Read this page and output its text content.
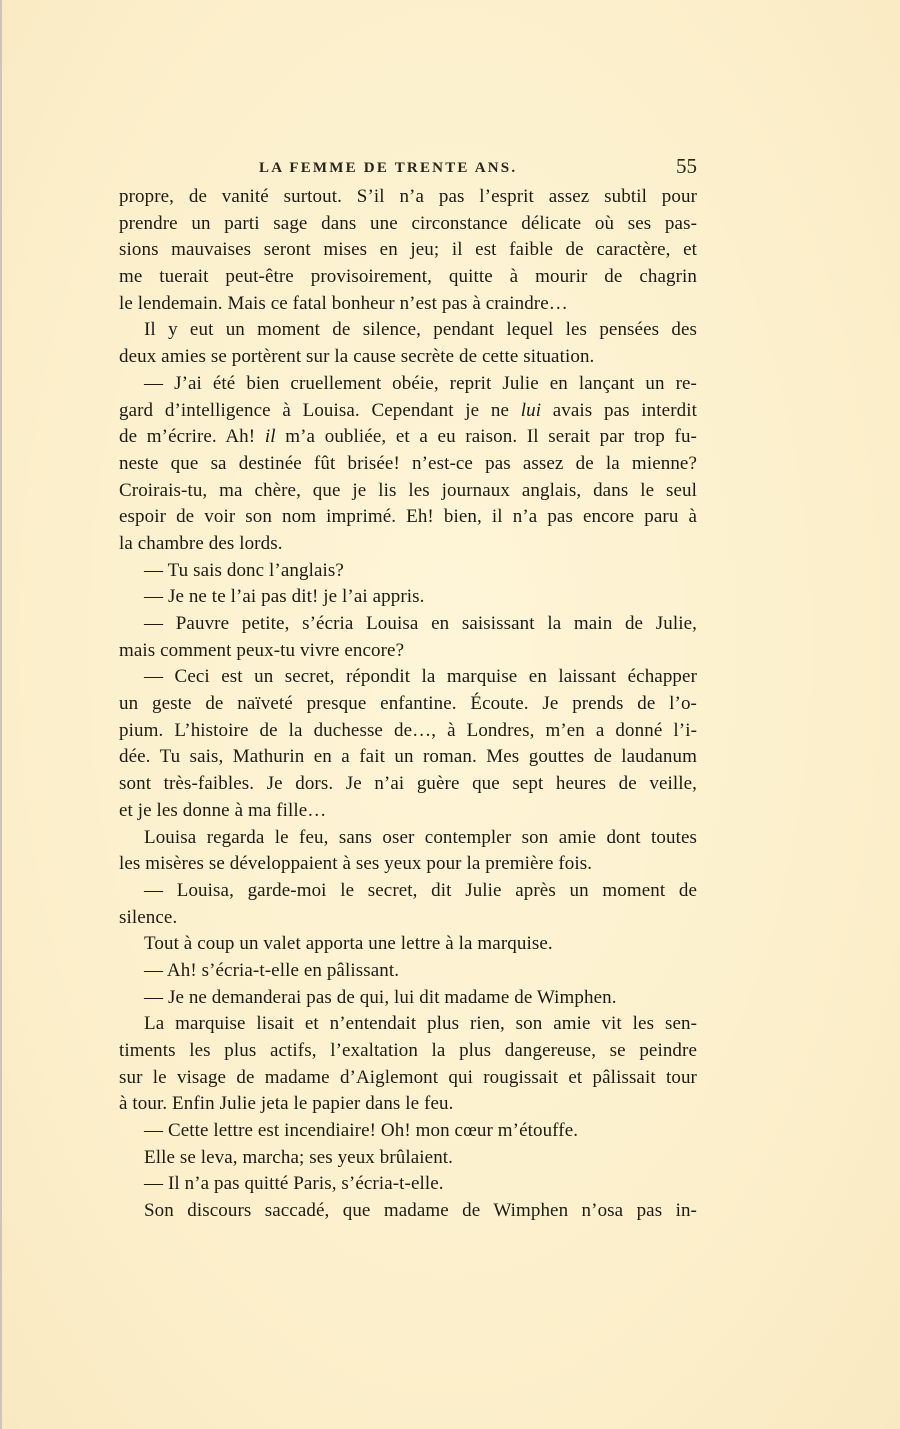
LA FEMME DE TRENTE ANS.	55
propre, de vanité surtout. S’il n’a pas l’esprit assez subtil pour
prendre un parti sage dans une circonstance délicate où ses pas-
sions mauvaises seront mises en jeu; il est faible de caractère, et
me tuerait peut-être provisoirement, quitte à mourir de chagrin
le lendemain. Mais ce fatal bonheur n’est pas à craindre…
Il y eut un moment de silence, pendant lequel les pensées des
deux amies se portèrent sur la cause secrète de cette situation.
— J’ai été bien cruellement obéie, reprit Julie en lançant un re-
gard d’intelligence à Louisa. Cependant je ne lui avais pas interdit
de m’écrire. Ah! il m’a oubliée, et a eu raison. Il serait par trop fu-
neste que sa destinée fût brisée! n’est-ce pas assez de la mienne?
Croirais-tu, ma chère, que je lis les journaux anglais, dans le seul
espoir de voir son nom imprimé. Eh! bien, il n’a pas encore paru à
la chambre des lords.
— Tu sais donc l’anglais?
— Je ne te l’ai pas dit! je l’ai appris.
— Pauvre petite, s’écria Louisa en saisissant la main de Julie,
mais comment peux-tu vivre encore?
— Ceci est un secret, répondit la marquise en laissant échapper
un geste de naïveté presque enfantine. Écoute. Je prends de l’o-
pium. L’histoire de la duchesse de…, à Londres, m’en a donné l’i-
dée. Tu sais, Mathurin en a fait un roman. Mes gouttes de laudanum
sont très-faibles. Je dors. Je n’ai guère que sept heures de veille,
et je les donne à ma fille…
Louisa regarda le feu, sans oser contempler son amie dont toutes
les misères se développaient à ses yeux pour la première fois.
— Louisa, garde-moi le secret, dit Julie après un moment de
silence.
Tout à coup un valet apporta une lettre à la marquise.
— Ah! s’écria-t-elle en pâlissant.
— Je ne demanderai pas de qui, lui dit madame de Wimphen.
La marquise lisait et n’entendait plus rien, son amie vit les sen-
timents les plus actifs, l’exaltation la plus dangereuse, se peindre
sur le visage de madame d’Aiglemont qui rougissait et pâlissait tour
à tour. Enfin Julie jeta le papier dans le feu.
— Cette lettre est incendiaire! Oh! mon cœur m’étouffe.
Elle se leva, marcha; ses yeux brûlaient.
— Il n’a pas quitté Paris, s’écria-t-elle.
Son discours saccadé, que madame de Wimphen n’osa pas in-
